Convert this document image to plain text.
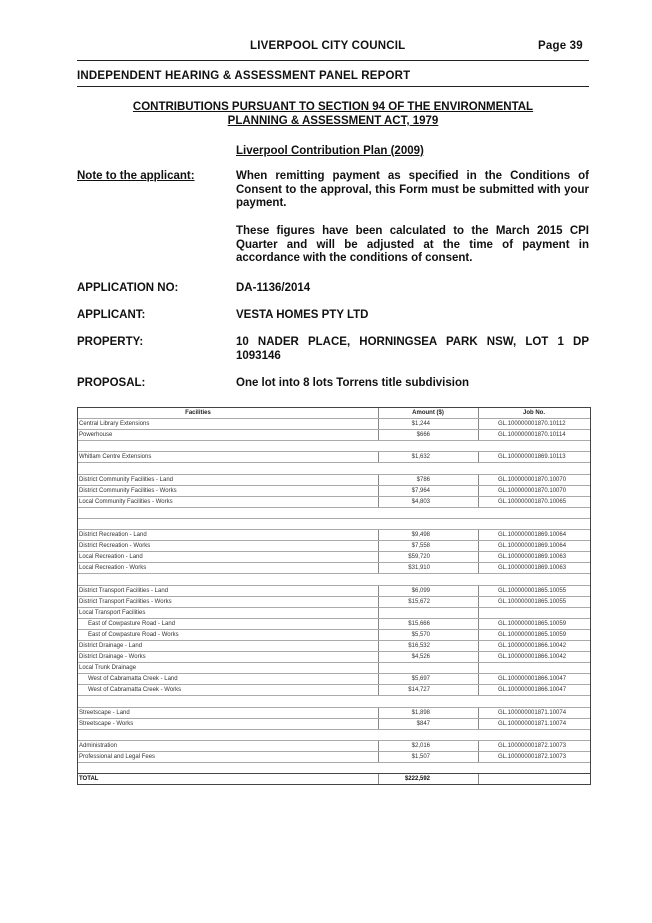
LIVERPOOL CITY COUNCIL	Page 39
INDEPENDENT HEARING & ASSESSMENT PANEL REPORT
CONTRIBUTIONS PURSUANT TO SECTION 94 OF THE ENVIRONMENTAL
PLANNING & ASSESSMENT ACT, 1979
Liverpool Contribution Plan (2009)
Note to the applicant:	When remitting payment as specified in the Conditions of Consent to the approval, this Form must be submitted with your payment.
These figures have been calculated to the March 2015 CPI Quarter and will be adjusted at the time of payment in accordance with the conditions of consent.
APPLICATION NO:	DA-1136/2014
APPLICANT:	VESTA HOMES PTY LTD
PROPERTY:	10 NADER PLACE, HORNINGSEA PARK NSW, LOT 1 DP 1093146
PROPOSAL:	One lot into 8 lots Torrens title subdivision
Facilities	Amount ($)	Job No.
Central Library Extensions	$1,244	GL.100000001870.10112
Powerhouse	$666	GL.100000001870.10114
Whitlam Centre Extensions	$1,632	GL.100000001869.10113
District Community Facilities - Land	$786	GL.100000001870.10070
District Community Facilities - Works	$7,964	GL.100000001870.10070
Local Community Facilities - Works	$4,803	GL.100000001870.10065
District Recreation - Land	$9,498	GL.100000001869.10064
District Recreation - Works	$7,558	GL.100000001869.10064
Local Recreation - Land	$59,720	GL.100000001869.10063
Local Recreation - Works	$31,910	GL.100000001869.10063
District Transport Facilities - Land	$6,099	GL.100000001865.10055
District Transport Facilities - Works	$15,672	GL.100000001865.10055
Local Transport Facilities
East of Cowpasture Road - Land	$15,666	GL.100000001865.10059
East of Cowpasture Road - Works	$5,570	GL.100000001865.10059
District Drainage - Land	$16,532	GL.100000001866.10042
District Drainage - Works	$4,526	GL.100000001866.10042
Local Trunk Drainage
West of Cabramatta Creek - Land	$5,697	GL.100000001866.10047
West of Cabramatta Creek - Works	$14,727	GL.100000001866.10047
Streetscape - Land	$1,898	GL.100000001871.10074
Streetscape - Works	$847	GL.100000001871.10074
Administration	$2,016	GL.100000001872.10073
Professional and Legal Fees	$1,507	GL.100000001872.10073
TOTAL	$222,592
